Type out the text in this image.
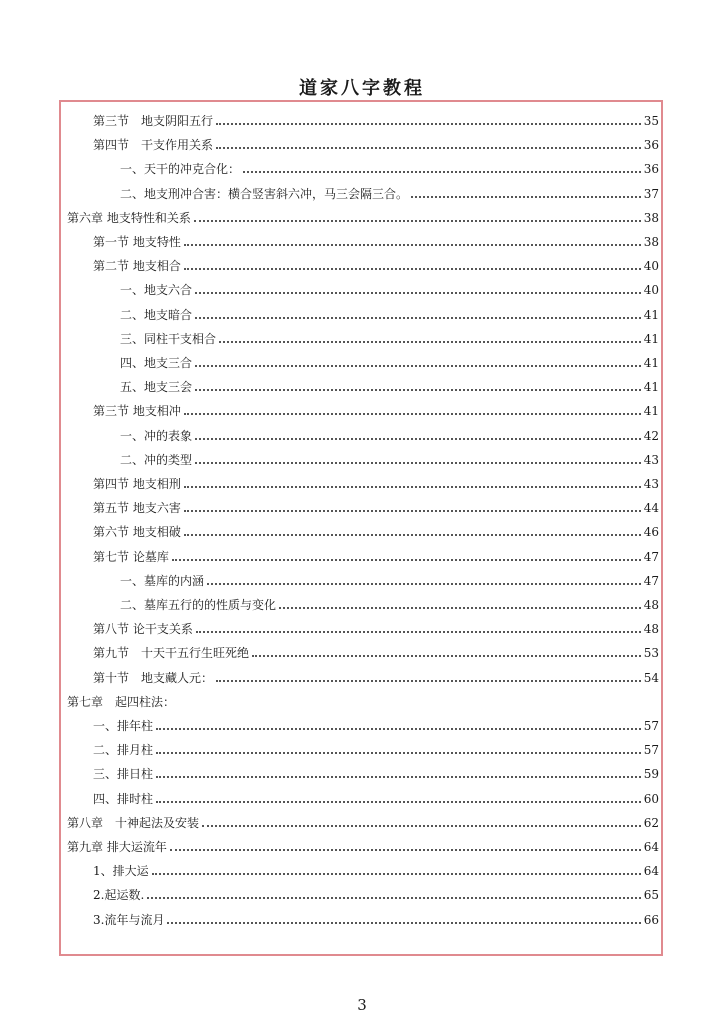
道家八字教程
第三节　地支阴阳五行	35
第四节　干支作用关系	36
一、天干的冲克合化：	36
二、地支刑冲合害：横合竖害斜六冲，马三会隔三合。	37
第六章 地支特性和关系	38
第一节 地支特性	38
第二节 地支相合	40
一、地支六合	40
二、地支暗合	41
三、同柱干支相合	41
四、地支三合	41
五、地支三会	41
第三节 地支相冲	41
一、冲的表象	42
二、冲的类型	43
第四节 地支相刑	43
第五节 地支六害	44
第六节 地支相破	46
第七节 论墓库	47
一、墓库的内涵	47
二、墓库五行的的性质与变化	48
第八节 论干支关系	48
第九节　十天干五行生旺死绝	53
第十节　地支藏人元：	54
第七章　起四柱法：
一、排年柱	57
二、排月柱	57
三、排日柱	59
四、排时柱	60
第八章　十神起法及安装	62
第九章 排大运流年	64
1、排大运	64
2.起运数.	65
3.流年与流月	66
3
